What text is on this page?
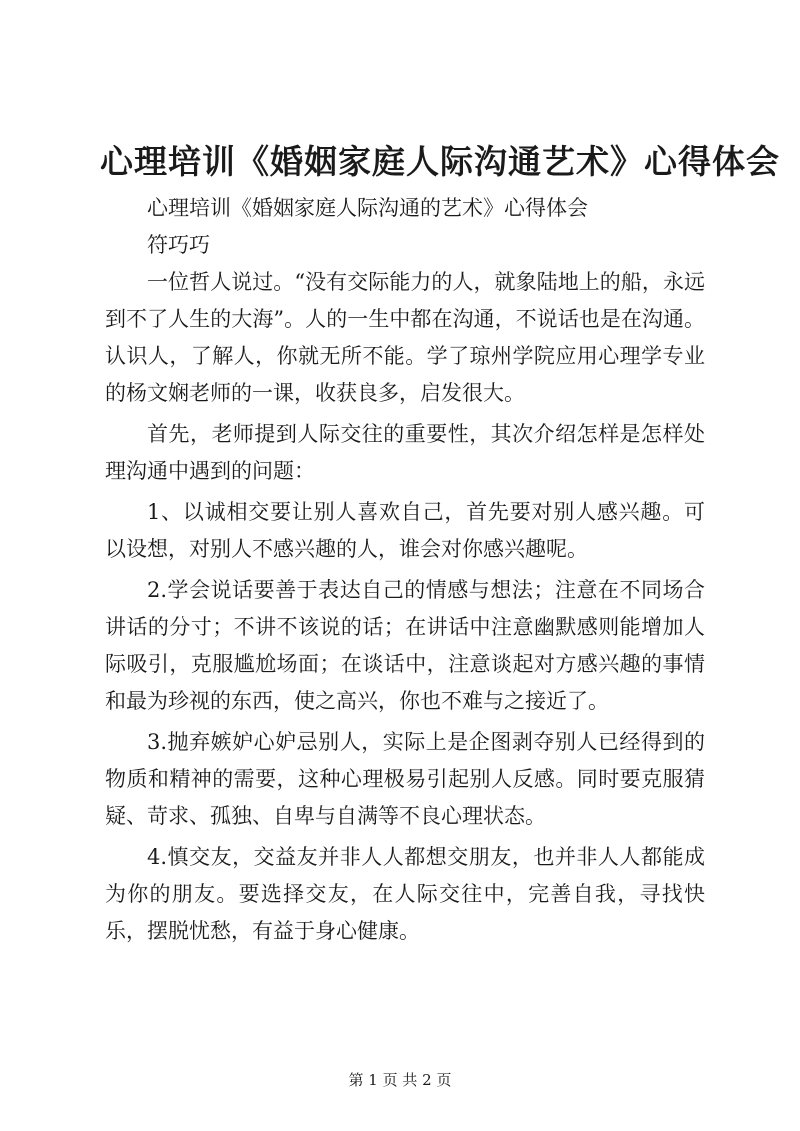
心理培训《婚姻家庭人际沟通艺术》心得体会

心理培训《婚姻家庭人际沟通的艺术》心得体会

符巧巧

一位哲人说过。“没有交际能力的人，就象陆地上的船，永远到不了人生的大海”。人的一生中都在沟通，不说话也是在沟通。认识人，了解人，你就无所不能。学了琼州学院应用心理学专业的杨文娴老师的一课，收获良多，启发很大。

首先，老师提到人际交往的重要性，其次介绍怎样是怎样处理沟通中遇到的问题：

1、以诚相交要让别人喜欢自己，首先要对别人感兴趣。可以设想，对别人不感兴趣的人，谁会对你感兴趣呢。

2.学会说话要善于表达自己的情感与想法；注意在不同场合讲话的分寸；不讲不该说的话；在讲话中注意幽默感则能增加人际吸引，克服尴尬场面；在谈话中，注意谈起对方感兴趣的事情和最为珍视的东西，使之高兴，你也不难与之接近了。

3.抛弃嫉妒心妒忌别人，实际上是企图剥夺别人已经得到的物质和精神的需要，这种心理极易引起别人反感。同时要克服猜疑、苛求、孤独、自卑与自满等不良心理状态。

4.慎交友，交益友并非人人都想交朋友，也并非人人都能成为你的朋友。要选择交友，在人际交往中，完善自我，寻找快乐，摆脱忧愁，有益于身心健康。

第 1 页 共 2 页
